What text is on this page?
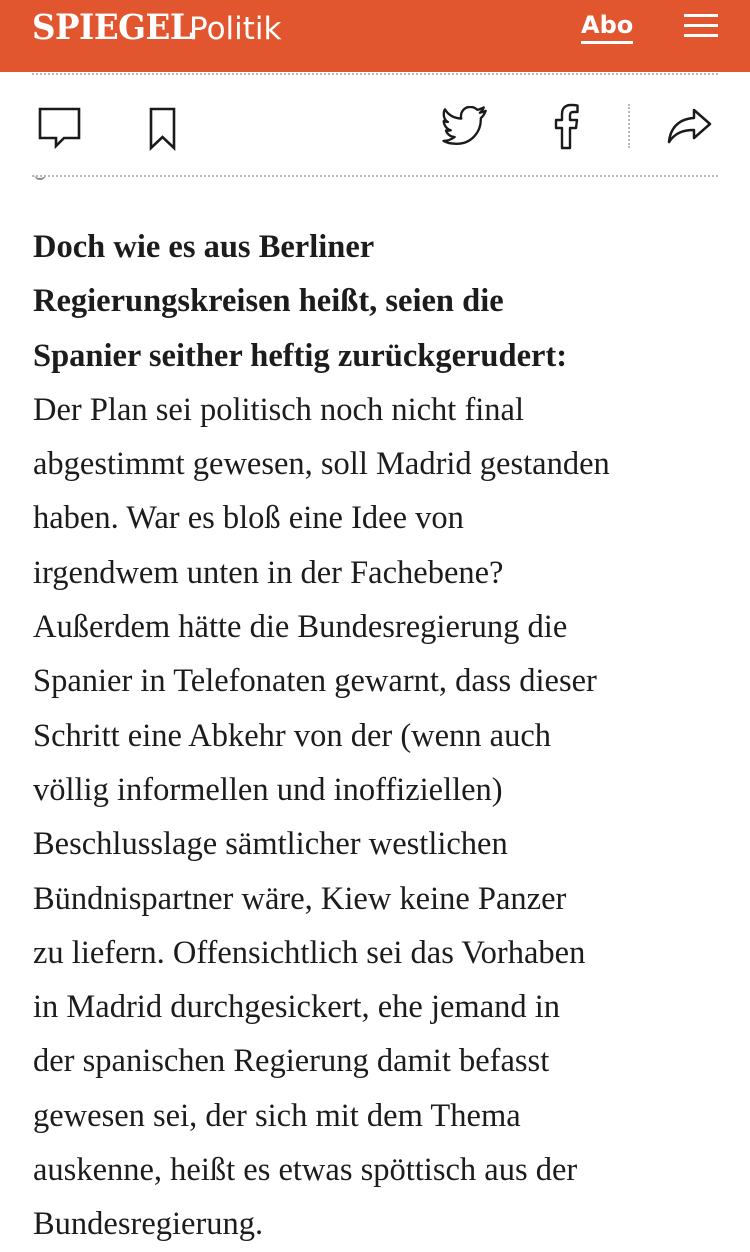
SPIEGEL
Politik	Abo

Doch wie es aus Berliner
Regierungskreisen heißt, seien die
Spanier seither heftig zurückgerudert:
Der Plan sei politisch noch nicht final
abgestimmt gewesen, soll Madrid gestanden
haben. War es bloß eine Idee von
irgendwem unten in der Fachebene?
Außerdem hätte die Bundesregierung die
Spanier in Telefonaten gewarnt, dass dieser
Schritt eine Abkehr von der (wenn auch
völlig informellen und inoffiziellen)
Beschlusslage sämtlicher westlichen
Bündnispartner wäre, Kiew keine Panzer
zu liefern. Offensichtlich sei das Vorhaben
in Madrid durchgesickert, ehe jemand in
der spanischen Regierung damit befasst
gewesen sei, der sich mit dem Thema
auskenne, heißt es etwas spöttisch aus der
Bundesregierung.
